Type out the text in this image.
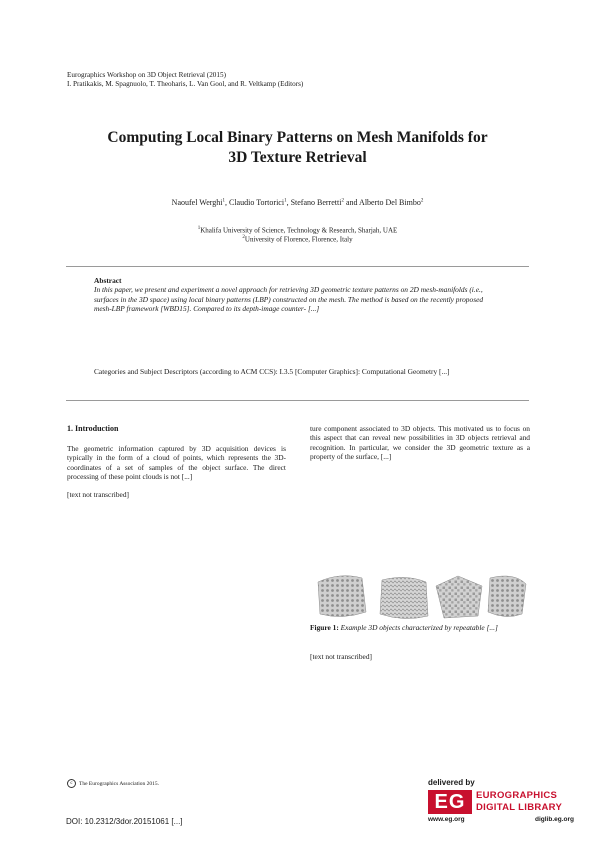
Eurographics Workshop on 3D Object Retrieval (2015)
I. Pratikakis, M. Spagnuolo, T. Theoharis, L. Van Gool, and R. Veltkamp (Editors)
Computing Local Binary Patterns on Mesh Manifolds for
3D Texture Retrieval
Naoufel Werghi$^1$, Claudio Tortorici$^1$, Stefano Berretti$^2$ and Alberto Del Bimbo$^2$
$^1$Khalifa University of Science, Technology & Research, Sharjah, UAE
$^2$University of Florence, Florence, Italy
Abstract
In this paper, we present and experiment a novel approach for retrieving 3D geometric texture patterns on 2D mesh-manifolds (i.e., surfaces in the 3D space) using local binary patterns (LBP) constructed on the mesh. The method is based on the recently proposed mesh-LBP framework [WBD15]. Compared to its depth-image counter- [...]
Categories and Subject Descriptors (according to ACM CCS): I.3.5 [Computer Graphics]: Computational Geometry [...]
1. Introduction
The geometric information captured by 3D acquisition devices is typically in the form of a cloud of points, which represents the 3D-coordinates of a set of samples of the object surface. The direct processing of these point clouds is not [...]
[text not transcribed]
ture component associated to 3D objects. This motivated us to focus on this aspect that can reveal new possibilities in 3D objects retrieval and recognition. In particular, we consider the 3D geometric texture as a property of the surface, [...]
[text not transcribed]
Figure 1: Example 3D objects characterized by repeatable [...]
c	The Eurographics Association 2015.
DOI: 10.2312/3dor.20151061 [...]
delivered by
EG	EUROGRAPHICS
DIGITAL LIBRARY
www.eg.org	diglib.eg.org
